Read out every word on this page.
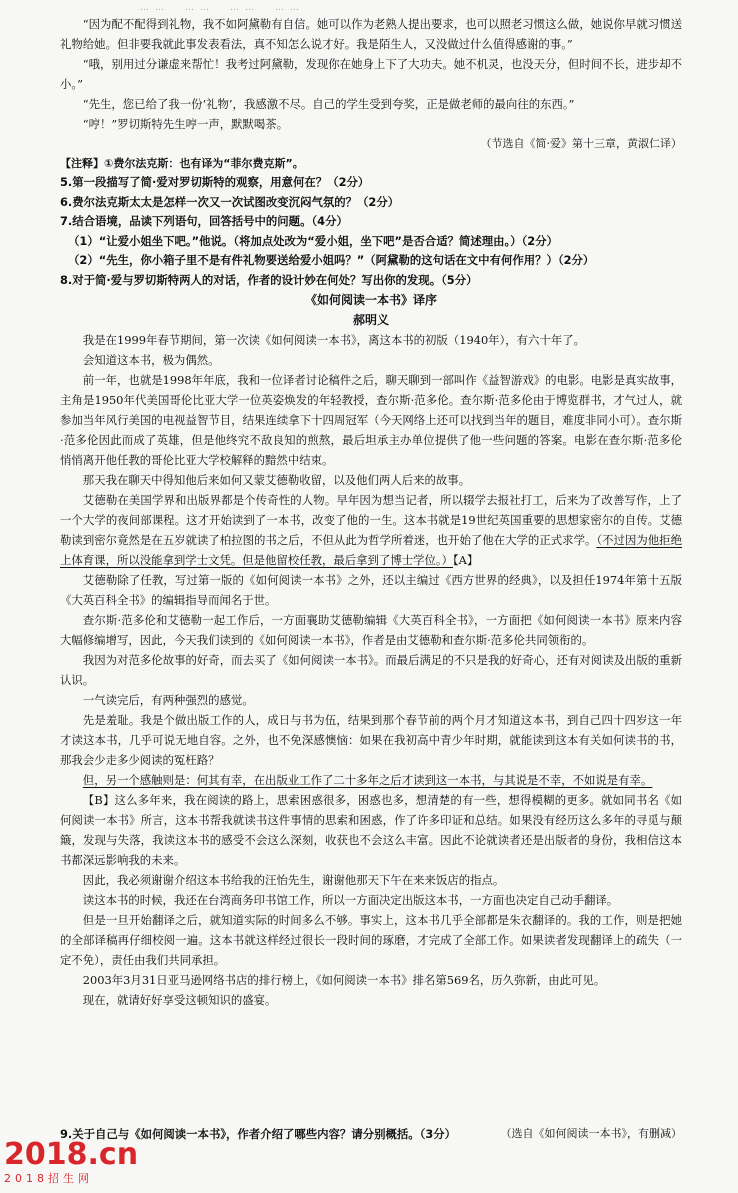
……　……　……　……

“因为配不配得到礼物，我不如阿黛勒有自信。她可以作为老熟人提出要求，也可以照老习惯这么做，她说你早就习惯送礼物给她。但非要我就此事发表看法，真不知怎么说才好。我是陌生人，又没做过什么值得感谢的事。”

“哦，别用过分谦虚来帮忙！我考过阿黛勒，发现你在她身上下了大功夫。她不机灵，也没天分，但时间不长，进步却不小。”

“先生，您已给了我一份‘礼物’，我感激不尽。自己的学生受到夸奖，正是做老师的最向往的东西。”

“哼！”罗切斯特先生哼一声，默默喝茶。

（节选自《简·爱》第十三章，黄淑仁译）

【注释】①费尔法克斯：也有译为“菲尔费克斯”。
5.第一段描写了简·爱对罗切斯特的观察，用意何在？（2分）
6.费尔法克斯太太是怎样一次又一次试图改变沉闷气氛的？（2分）
7.结合语境，品读下列语句，回答括号中的问题。（4分）
（1）“让爱小姐坐下吧。”他说。（将加点处改为“爱小姐，坐下吧”是否合适？简述理由。）（2分）
（2）“先生，你小箱子里不是有件礼物要送给爱小姐吗？”（阿黛勒的这句话在文中有何作用？）（2分）
8.对于简·爱与罗切斯特两人的对话，作者的设计妙在何处？写出你的发现。（5分）

《如何阅读一本书》译序

郝明义

我是在1999年春节期间，第一次读《如何阅读一本书》，离这本书的初版（1940年），有六十年了。

会知道这本书，极为偶然。

前一年，也就是1998年年底，我和一位译者讨论稿件之后，聊天聊到一部叫作《益智游戏》的电影。电影是真实故事，主角是1950年代美国哥伦比亚大学一位英姿焕发的年轻教授，查尔斯·范多伦。查尔斯·范多伦由于博览群书，才气过人，就参加当年风行美国的电视益智节目，结果连续拿下十四周冠军（今天网络上还可以找到当年的题目，难度非同小可）。查尔斯·范多伦因此而成了英雄，但是他终究不敌良知的煎熬，最后坦承主办单位提供了他一些问题的答案。电影在查尔斯·范多伦悄悄离开他任教的哥伦比亚大学校解释的黯然中结束。

那天我在聊天中得知他后来如何又蒙艾德勒收留，以及他们两人后来的故事。

艾德勒在美国学界和出版界都是个传奇性的人物。早年因为想当记者，所以辍学去报社打工，后来为了改善写作，上了一个大学的夜间部课程。这才开始读到了一本书，改变了他的一生。这本书就是19世纪英国重要的思想家密尔的自传。艾德勒读到密尔竟然是在五岁就读了柏拉图的书之后，不但从此为哲学所着迷，也开始了他在大学的正式求学。（不过因为他拒绝上体育课，所以没能拿到学士文凭。但是他留校任教，最后拿到了博士学位。）【A】

艾德勒除了任教，写过第一版的《如何阅读一本书》之外，还以主编过《西方世界的经典》，以及担任1974年第十五版《大英百科全书》的编辑指导而闻名于世。

查尔斯·范多伦和艾德勒一起工作后，一方面襄助艾德勒编辑《大英百科全书》，一方面把《如何阅读一本书》原来内容大幅修编增写，因此，今天我们读到的《如何阅读一本书》，作者是由艾德勒和查尔斯·范多伦共同领衔的。

我因为对范多伦故事的好奇，而去买了《如何阅读一本书》。而最后满足的不只是我的好奇心，还有对阅读及出版的重新认识。

一气读完后，有两种强烈的感觉。

先是羞耻。我是个做出版工作的人，成日与书为伍，结果到那个春节前的两个月才知道这本书，到自己四十四岁这一年才读这本书，几乎可说无地自容。之外，也不免深感懊恼：如果在我初高中青少年时期，就能读到这本有关如何读书的书，那我会少走多少阅读的冤枉路？

但，另一个感触则是：何其有幸，在出版业工作了二十多年之后才读到这一本书，与其说是不幸，不如说是有幸。

【B】这么多年来，我在阅读的路上，思索困惑很多，困惑也多，想清楚的有一些，想得模糊的更多。就如同书名《如何阅读一本书》所言，这本书帮我就读书这件事情的思索和困惑，作了许多印证和总结。如果没有经历这么多年的寻觅与颠簸，发现与失落，我读这本书的感受不会这么深刻，收获也不会这么丰富。因此不论就读者还是出版者的身份，我相信这本书都深远影响我的未来。

因此，我必须谢谢介绍这本书给我的汪怡先生，谢谢他那天下午在来来饭店的指点。

读这本书的时候，我还在台湾商务印书馆工作，所以一方面决定出版这本书，一方面也决定自己动手翻译。

但是一旦开始翻译之后，就知道实际的时间多么不够。事实上，这本书几乎全部都是朱衣翻译的。我的工作，则是把她的全部译稿再仔细校阅一遍。这本书就这样经过很长一段时间的琢磨，才完成了全部工作。如果读者发现翻译上的疏失（一定不免），责任由我们共同承担。

2003年3月31日亚马逊网络书店的排行榜上，《如何阅读一本书》排名第569名，历久弥新，由此可见。

现在，就请好好享受这顿知识的盛宴。

9.关于自己与《如何阅读一本书》，作者介绍了哪些内容？请分别概括。（3分）	（选自《如何阅读一本书》，有删减）
2018.cn
2018招生网
